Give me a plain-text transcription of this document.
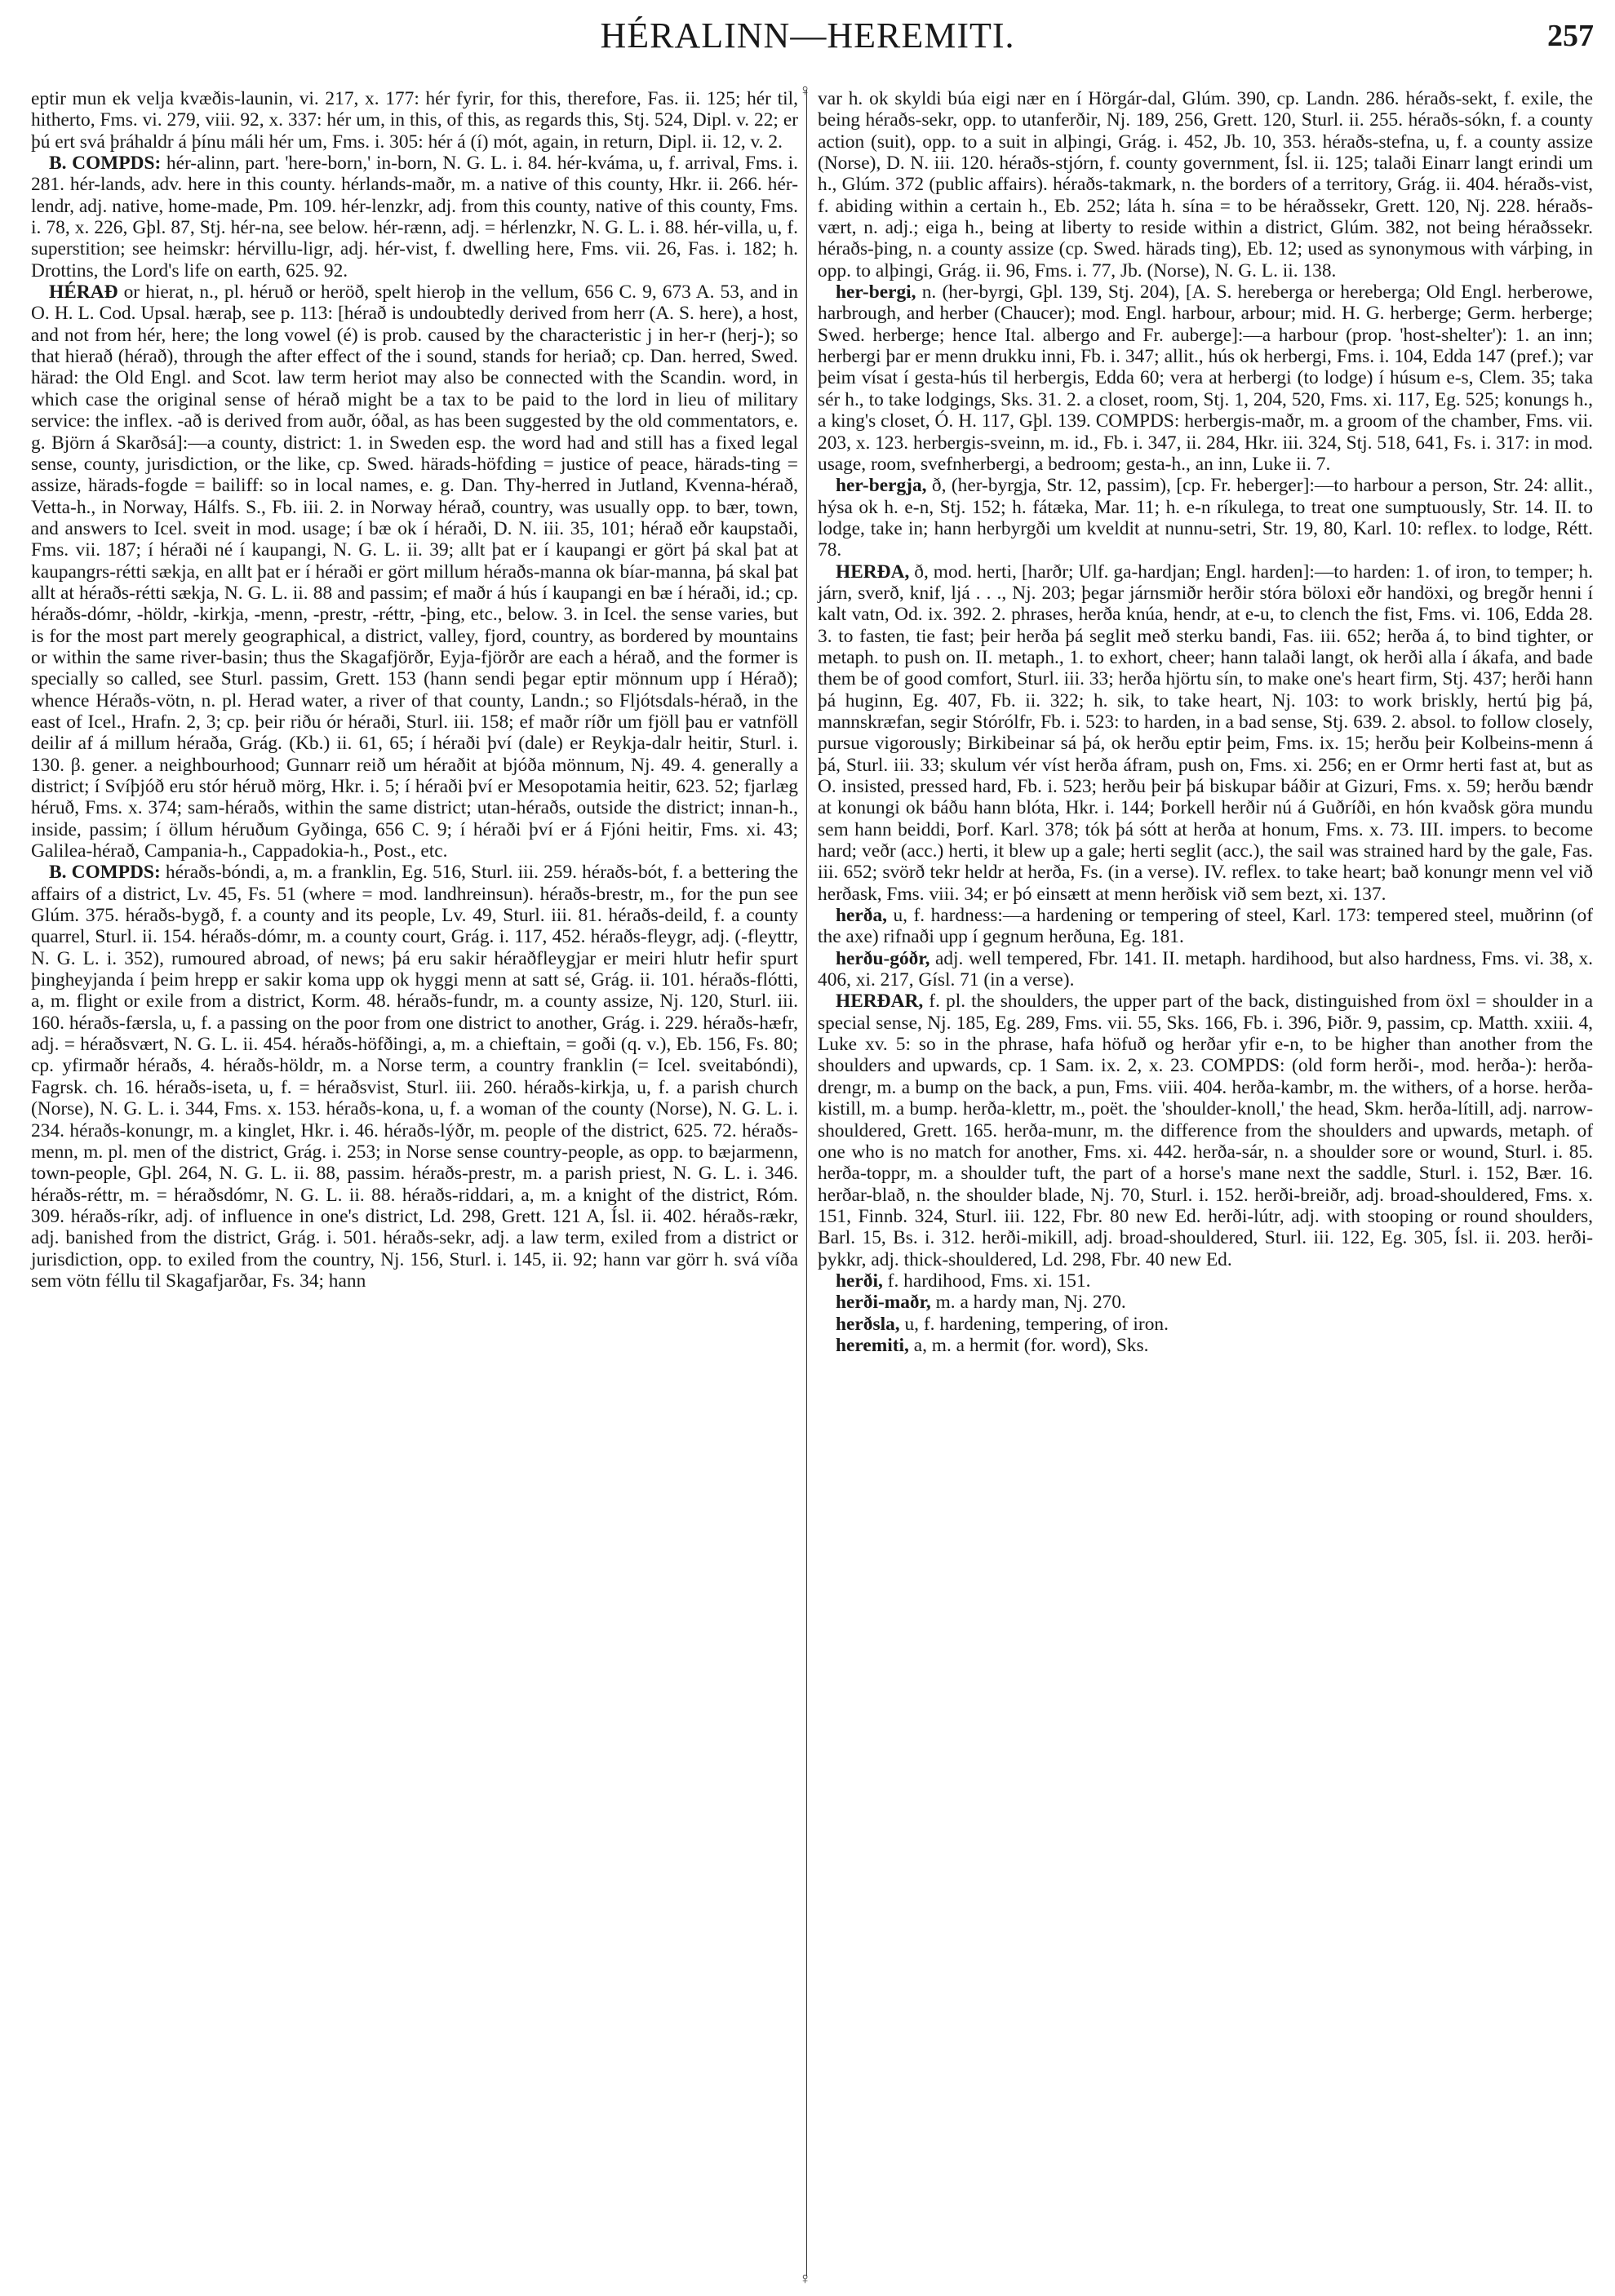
HÉRALINN—HEREMITI.	257
♀
♀

eptir mun ek velja kvæðis-launin, vi. 217, x. 177: hér fyrir, for this, therefore, Fas. ii. 125; hér til, hitherto, Fms. vi. 279, viii. 92, x. 337: hér um, in this, of this, as regards this, Stj. 524, Dipl. v. 22; er þú ert svá þráhaldr á þínu máli hér um, Fms. i. 305: hér á (í) mót, again, in return, Dipl. ii. 12, v. 2.

B. COMPDS: hér-alinn, part. 'here-born,' in-born, N. G. L. i. 84. hér-kváma, u, f. arrival, Fms. i. 281. hér-lands, adv. here in this county. hérlands-maðr, m. a native of this county, Hkr. ii. 266. hér-lendr, adj. native, home-made, Pm. 109. hér-lenzkr, adj. from this county, native of this county, Fms. i. 78, x. 226, Gþl. 87, Stj. hér-na, see below. hér-rænn, adj. = hérlenzkr, N. G. L. i. 88. hér-villa, u, f. superstition; see heimskr: hérvillu-ligr, adj. hér-vist, f. dwelling here, Fms. vii. 26, Fas. i. 182; h. Drottins, the Lord's life on earth, 625. 92.

HÉRAÐ or hierat, n., pl. héruð or heröð, spelt hieroþ in the vellum, 656 C. 9, 673 A. 53, and in O. H. L. Cod. Upsal. hæraþ, see p. 113: [hérað is undoubtedly derived from herr (A. S. here), a host, and not from hér, here; the long vowel (é) is prob. caused by the characteristic j in her-r (herj-); so that hierað (hérað), through the after effect of the i sound, stands for heriað; cp. Dan. herred, Swed. härad: the Old Engl. and Scot. law term heriot may also be connected with the Scandin. word, in which case the original sense of hérað might be a tax to be paid to the lord in lieu of military service: the inflex. -að is derived from auðr, óðal, as has been suggested by the old commentators, e. g. Björn á Skarðsá]:—a county, district: 1. in Sweden esp. the word had and still has a fixed legal sense, county, jurisdiction, or the like, cp. Swed. härads-höfding = justice of peace, härads-ting = assize, härads-fogde = bailiff: so in local names, e. g. Dan. Thy-herred in Jutland, Kvenna-hérað, Vetta-h., in Norway, Hálfs. S., Fb. iii. 2. in Norway hérað, country, was usually opp. to bær, town, and answers to Icel. sveit in mod. usage; í bæ ok í héraði, D. N. iii. 35, 101; hérað eðr kaupstaði, Fms. vii. 187; í héraði né í kaupangi, N. G. L. ii. 39; allt þat er í kaupangi er gört þá skal þat at kaupangrs-rétti sækja, en allt þat er í héraði er gört millum héraðs-manna ok bíar-manna, þá skal þat allt at héraðs-rétti sækja, N. G. L. ii. 88 and passim; ef maðr á hús í kaupangi en bæ í héraði, id.; cp. héraðs-dómr, -höldr, -kirkja, -menn, -prestr, -réttr, -þing, etc., below. 3. in Icel. the sense varies, but is for the most part merely geographical, a district, valley, fjord, country, as bordered by mountains or within the same river-basin; thus the Skagafjörðr, Eyja-fjörðr are each a hérað, and the former is specially so called, see Sturl. passim, Grett. 153 (hann sendi þegar eptir mönnum upp í Hérað); whence Héraðs-vötn, n. pl. Herad water, a river of that county, Landn.; so Fljótsdals-hérað, in the east of Icel., Hrafn. 2, 3; cp. þeir riðu ór héraði, Sturl. iii. 158; ef maðr ríðr um fjöll þau er vatnföll deilir af á millum héraða, Grág. (Kb.) ii. 61, 65; í héraði því (dale) er Reykja-dalr heitir, Sturl. i. 130. β. gener. a neighbourhood; Gunnarr reið um héraðit at bjóða mönnum, Nj. 49. 4. generally a district; í Svíþjóð eru stór héruð mörg, Hkr. i. 5; í héraði því er Mesopotamia heitir, 623. 52; fjarlæg héruð, Fms. x. 374; sam-héraðs, within the same district; utan-héraðs, outside the district; innan-h., inside, passim; í öllum héruðum Gyðinga, 656 C. 9; í héraði því er á Fjóni heitir, Fms. xi. 43; Galilea-hérað, Campania-h., Cappadokia-h., Post., etc.

B. COMPDS: héraðs-bóndi, a, m. a franklin, Eg. 516, Sturl. iii. 259. héraðs-bót, f. a bettering the affairs of a district, Lv. 45, Fs. 51 (where = mod. landhreinsun). héraðs-brestr, m., for the pun see Glúm. 375. héraðs-bygð, f. a county and its people, Lv. 49, Sturl. iii. 81. héraðs-deild, f. a county quarrel, Sturl. ii. 154. héraðs-dómr, m. a county court, Grág. i. 117, 452. héraðs-fleygr, adj. (-fleyttr, N. G. L. i. 352), rumoured abroad, of news; þá eru sakir héraðfleygjar er meiri hlutr hefir spurt þingheyjanda í þeim hrepp er sakir koma upp ok hyggi menn at satt sé, Grág. ii. 101. héraðs-flótti, a, m. flight or exile from a district, Korm. 48. héraðs-fundr, m. a county assize, Nj. 120, Sturl. iii. 160. héraðs-færsla, u, f. a passing on the poor from one district to another, Grág. i. 229. héraðs-hæfr, adj. = héraðsvært, N. G. L. ii. 454. héraðs-höfðingi, a, m. a chieftain, = goði (q. v.), Eb. 156, Fs. 80; cp. yfirmaðr héraðs, 4. héraðs-höldr, m. a Norse term, a country franklin (= Icel. sveitabóndi), Fagrsk. ch. 16. héraðs-iseta, u, f. = héraðsvist, Sturl. iii. 260. héraðs-kirkja, u, f. a parish church (Norse), N. G. L. i. 344, Fms. x. 153. héraðs-kona, u, f. a woman of the county (Norse), N. G. L. i. 234. héraðs-konungr, m. a kinglet, Hkr. i. 46. héraðs-lýðr, m. people of the district, 625. 72. héraðs-menn, m. pl. men of the district, Grág. i. 253; in Norse sense country-people, as opp. to bæjarmenn, town-people, Gþl. 264, N. G. L. ii. 88, passim. héraðs-prestr, m. a parish priest, N. G. L. i. 346. héraðs-réttr, m. = héraðsdómr, N. G. L. ii. 88. héraðs-riddari, a, m. a knight of the district, Róm. 309. héraðs-ríkr, adj. of influence in one's district, Ld. 298, Grett. 121 A, Ísl. ii. 402. héraðs-rækr, adj. banished from the district, Grág. i. 501. héraðs-sekr, adj. a law term, exiled from a district or jurisdiction, opp. to exiled from the country, Nj. 156, Sturl. i. 145, ii. 92; hann var görr h. svá víða sem vötn féllu til Skagafjarðar, Fs. 34; hann

var h. ok skyldi búa eigi nær en í Hörgár-dal, Glúm. 390, cp. Landn. 286. héraðs-sekt, f. exile, the being héraðs-sekr, opp. to utanferðir, Nj. 189, 256, Grett. 120, Sturl. ii. 255. héraðs-sókn, f. a county action (suit), opp. to a suit in alþingi, Grág. i. 452, Jb. 10, 353. héraðs-stefna, u, f. a county assize (Norse), D. N. iii. 120. héraðs-stjórn, f. county government, Ísl. ii. 125; talaði Einarr langt erindi um h., Glúm. 372 (public affairs). héraðs-takmark, n. the borders of a territory, Grág. ii. 404. héraðs-vist, f. abiding within a certain h., Eb. 252; láta h. sína = to be héraðssekr, Grett. 120, Nj. 228. héraðs-vært, n. adj.; eiga h., being at liberty to reside within a district, Glúm. 382, not being héraðssekr. héraðs-þing, n. a county assize (cp. Swed. härads ting), Eb. 12; used as synonymous with várþing, in opp. to alþingi, Grág. ii. 96, Fms. i. 77, Jb. (Norse), N. G. L. ii. 138.

her-bergi, n. (her-byrgi, Gþl. 139, Stj. 204), [A. S. hereberga or hereberga; Old Engl. herberowe, harbrough, and herber (Chaucer); mod. Engl. harbour, arbour; mid. H. G. herberge; Germ. herberge; Swed. herberge; hence Ital. albergo and Fr. auberge]:—a harbour (prop. 'host-shelter'): 1. an inn; herbergi þar er menn drukku inni, Fb. i. 347; allit., hús ok herbergi, Fms. i. 104, Edda 147 (pref.); var þeim vísat í gesta-hús til herbergis, Edda 60; vera at herbergi (to lodge) í húsum e-s, Clem. 35; taka sér h., to take lodgings, Sks. 31. 2. a closet, room, Stj. 1, 204, 520, Fms. xi. 117, Eg. 525; konungs h., a king's closet, Ó. H. 117, Gþl. 139. COMPDS: herbergis-maðr, m. a groom of the chamber, Fms. vii. 203, x. 123. herbergis-sveinn, m. id., Fb. i. 347, ii. 284, Hkr. iii. 324, Stj. 518, 641, Fs. i. 317: in mod. usage, room, svefnherbergi, a bedroom; gesta-h., an inn, Luke ii. 7.

her-bergja, ð, (her-byrgja, Str. 12, passim), [cp. Fr. heberger]:—to harbour a person, Str. 24: allit., hýsa ok h. e-n, Stj. 152; h. fátæka, Mar. 11; h. e-n ríkulega, to treat one sumptuously, Str. 14. II. to lodge, take in; hann herbyrgði um kveldit at nunnu-setri, Str. 19, 80, Karl. 10: reflex. to lodge, Rétt. 78.

HERÐA, ð, mod. herti, [harðr; Ulf. ga-hardjan; Engl. harden]:—to harden: 1. of iron, to temper; h. járn, sverð, knif, ljá . . ., Nj. 203; þegar járnsmiðr herðir stóra böloxi eðr handöxi, og bregðr henni í kalt vatn, Od. ix. 392. 2. phrases, herða knúa, hendr, at e-u, to clench the fist, Fms. vi. 106, Edda 28. 3. to fasten, tie fast; þeir herða þá seglit með sterku bandi, Fas. iii. 652; herða á, to bind tighter, or metaph. to push on. II. metaph., 1. to exhort, cheer; hann talaði langt, ok herði alla í ákafa, and bade them be of good comfort, Sturl. iii. 33; herða hjörtu sín, to make one's heart firm, Stj. 437; herði hann þá huginn, Eg. 407, Fb. ii. 322; h. sik, to take heart, Nj. 103: to work briskly, hertú þig þá, mannskræfan, segir Stórólfr, Fb. i. 523: to harden, in a bad sense, Stj. 639. 2. absol. to follow closely, pursue vigorously; Birkibeinar sá þá, ok herðu eptir þeim, Fms. ix. 15; herðu þeir Kolbeins-menn á þá, Sturl. iii. 33; skulum vér víst herða áfram, push on, Fms. xi. 256; en er Ormr herti fast at, but as O. insisted, pressed hard, Fb. i. 523; herðu þeir þá biskupar báðir at Gizuri, Fms. x. 59; herðu bændr at konungi ok báðu hann blóta, Hkr. i. 144; Þorkell herðir nú á Guðríði, en hón kvaðsk göra mundu sem hann beiddi, Þorf. Karl. 378; tók þá sótt at herða at honum, Fms. x. 73. III. impers. to become hard; veðr (acc.) herti, it blew up a gale; herti seglit (acc.), the sail was strained hard by the gale, Fas. iii. 652; svörð tekr heldr at herða, Fs. (in a verse). IV. reflex. to take heart; bað konungr menn vel við herðask, Fms. viii. 34; er þó einsætt at menn herðisk við sem bezt, xi. 137.

herða, u, f. hardness:—a hardening or tempering of steel, Karl. 173: tempered steel, muðrinn (of the axe) rifnaði upp í gegnum herðuna, Eg. 181.

herðu-góðr, adj. well tempered, Fbr. 141. II. metaph. hardihood, but also hardness, Fms. vi. 38, x. 406, xi. 217, Gísl. 71 (in a verse).

HERÐAR, f. pl. the shoulders, the upper part of the back, distinguished from öxl = shoulder in a special sense, Nj. 185, Eg. 289, Fms. vii. 55, Sks. 166, Fb. i. 396, Þiðr. 9, passim, cp. Matth. xxiii. 4, Luke xv. 5: so in the phrase, hafa höfuð og herðar yfir e-n, to be higher than another from the shoulders and upwards, cp. 1 Sam. ix. 2, x. 23. COMPDS: (old form herði-, mod. herða-): herða-drengr, m. a bump on the back, a pun, Fms. viii. 404. herða-kambr, m. the withers, of a horse. herða-kistill, m. a bump. herða-klettr, m., poët. the 'shoulder-knoll,' the head, Skm. herða-lítill, adj. narrow-shouldered, Grett. 165. herða-munr, m. the difference from the shoulders and upwards, metaph. of one who is no match for another, Fms. xi. 442. herða-sár, n. a shoulder sore or wound, Sturl. i. 85. herða-toppr, m. a shoulder tuft, the part of a horse's mane next the saddle, Sturl. i. 152, Bær. 16. herðar-blað, n. the shoulder blade, Nj. 70, Sturl. i. 152. herði-breiðr, adj. broad-shouldered, Fms. x. 151, Finnb. 324, Sturl. iii. 122, Fbr. 80 new Ed. herði-lútr, adj. with stooping or round shoulders, Barl. 15, Bs. i. 312. herði-mikill, adj. broad-shouldered, Sturl. iii. 122, Eg. 305, Ísl. ii. 203. herði-þykkr, adj. thick-shouldered, Ld. 298, Fbr. 40 new Ed.

herði, f. hardihood, Fms. xi. 151.

herði-maðr, m. a hardy man, Nj. 270.

herðsla, u, f. hardening, tempering, of iron.

heremiti, a, m. a hermit (for. word), Sks.
